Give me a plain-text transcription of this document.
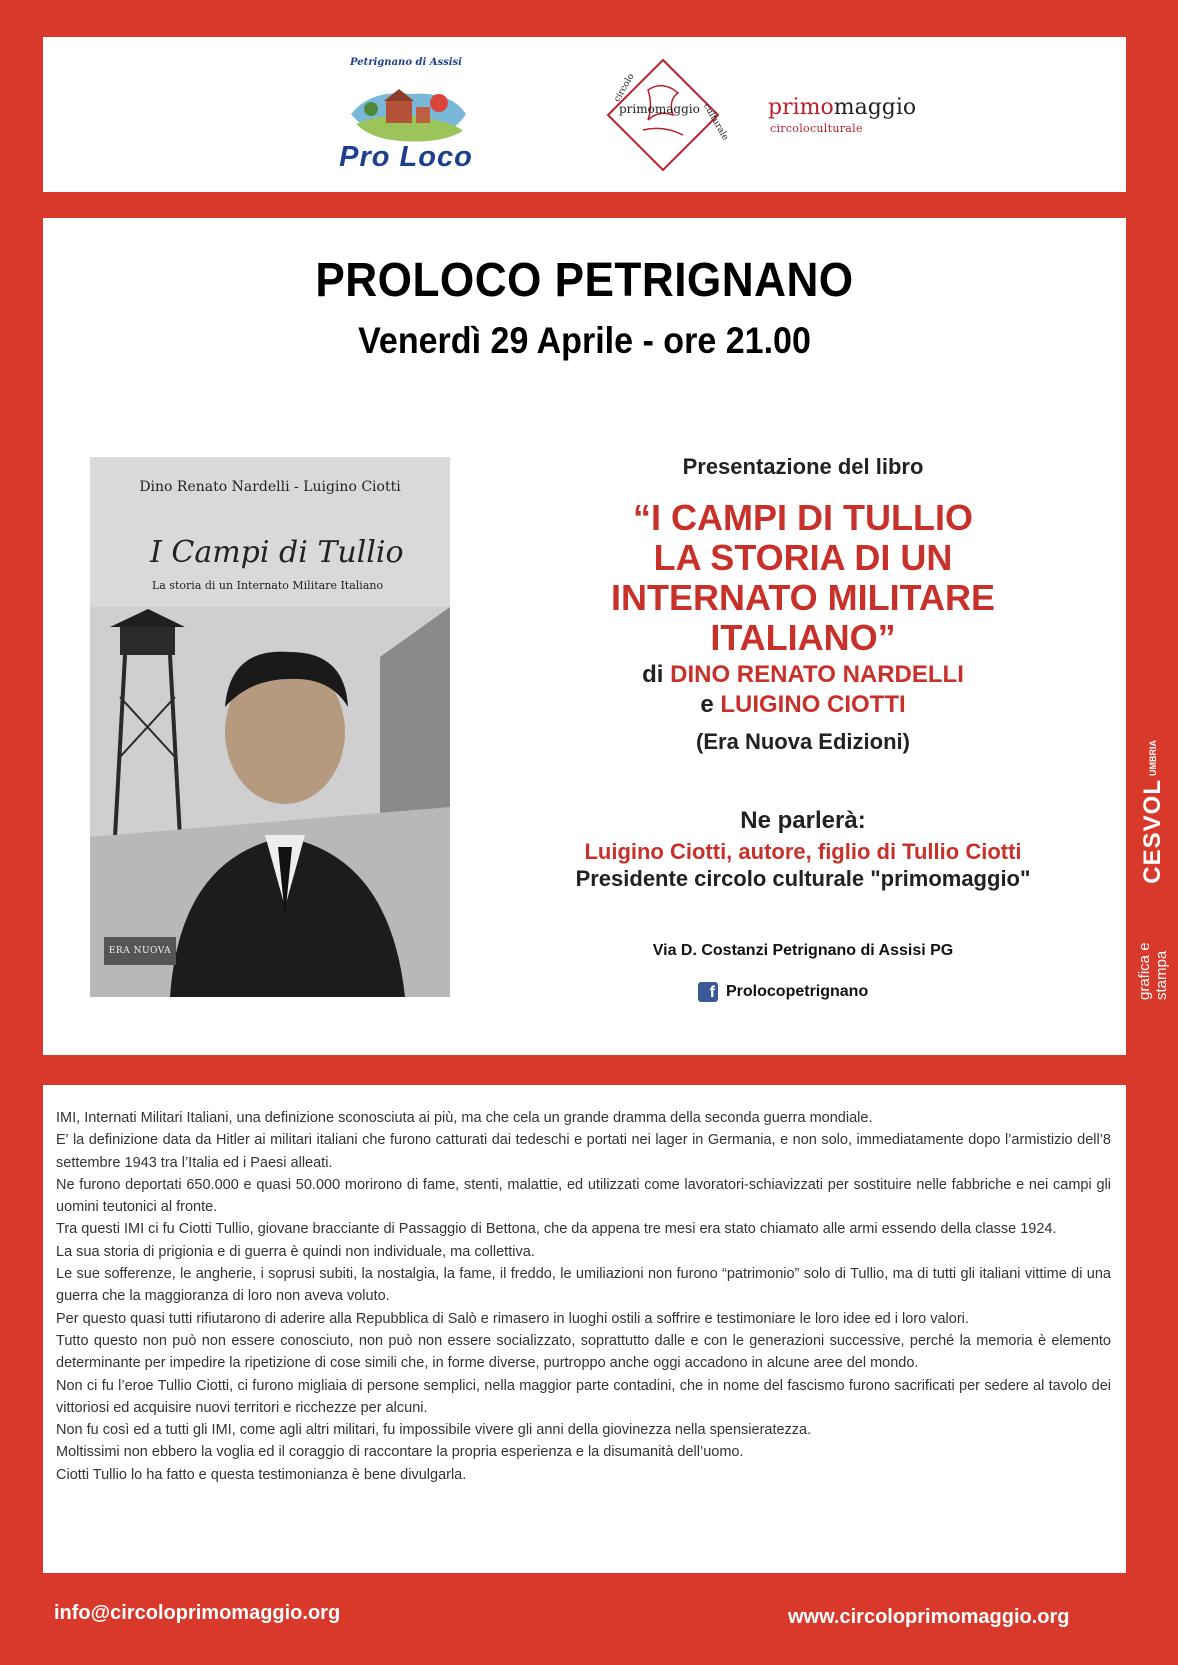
Petrignano di Assisi
Pro Loco
circolo
primomaggio culturale primomaggio
circoloculturale
PROLOCO PETRIGNANO
Venerdì 29 Aprile - ore 21.00
Dino Renato Nardelli - Luigino Ciotti
I Campi di Tullio
La storia di un Internato Militare Italiano
ERA NUOVA
Presentazione del libro
“I CAMPI DI TULLIO
LA STORIA DI UN
INTERNATO MILITARE
ITALIANO”
di DINO RENATO NARDELLI
e LUIGINO CIOTTI
(Era Nuova Edizioni)
Ne parlerà:
Luigino Ciotti, autore, figlio di Tullio Ciotti
Presidente circolo culturale "primomaggio"
Via D. Costanzi Petrignano di Assisi PG
f Prolocopetrignano

IMI, Internati Militari Italiani, una definizione sconosciuta ai più, ma che cela un grande dramma della seconda guerra mondiale.

E' la definizione data da Hitler ai militari italiani che furono catturati dai tedeschi e portati nei lager in Germania, e non solo, immediatamente dopo l’armistizio dell’8 settembre 1943 tra l’Italia ed i Paesi alleati.

Ne furono deportati 650.000 e quasi 50.000 morirono di fame, stenti, malattie, ed utilizzati come lavoratori-schiavizzati per sostituire nelle fabbriche e nei campi gli uomini teutonici al fronte.

Tra questi IMI ci fu Ciotti Tullio, giovane bracciante di Passaggio di Bettona, che da appena tre mesi era stato chiamato alle armi essendo della classe 1924.

La sua storia di prigionia e di guerra è quindi non individuale, ma collettiva.

Le sue sofferenze, le angherie, i soprusi subiti, la nostalgia, la fame, il freddo, le umiliazioni non furono “patrimonio” solo di Tullio, ma di tutti gli italiani vittime di una guerra che la maggioranza di loro non aveva voluto.

Per questo quasi tutti rifiutarono di aderire alla Repubblica di Salò e rimasero in luoghi ostili a soffrire e testimoniare le loro idee ed i loro valori.

Tutto questo non può non essere conosciuto, non può non essere socializzato, soprattutto dalle e con le generazioni successive, perché la memoria è elemento determinante per impedire la ripetizione di cose simili che, in forme diverse, purtroppo anche oggi accadono in alcune aree del mondo.

Non ci fu l’eroe Tullio Ciotti, ci furono migliaia di persone semplici, nella maggior parte contadini, che in nome del fascismo furono sacrificati per sedere al tavolo dei vittoriosi ed acquisire nuovi territori e ricchezze per alcuni.

Non fu così ed a tutti gli IMI, come agli altri militari, fu impossibile vivere gli anni della giovinezza nella spensieratezza.

Moltissimi non ebbero la voglia ed il coraggio di raccontare la propria esperienza e la disumanità dell’uomo.

Ciotti Tullio lo ha fatto e questa testimonianza è bene divulgarla.

grafica e stampa
CESVOL
UMBRIA
info@circoloprimomaggio.org	www.circoloprimomaggio.org
